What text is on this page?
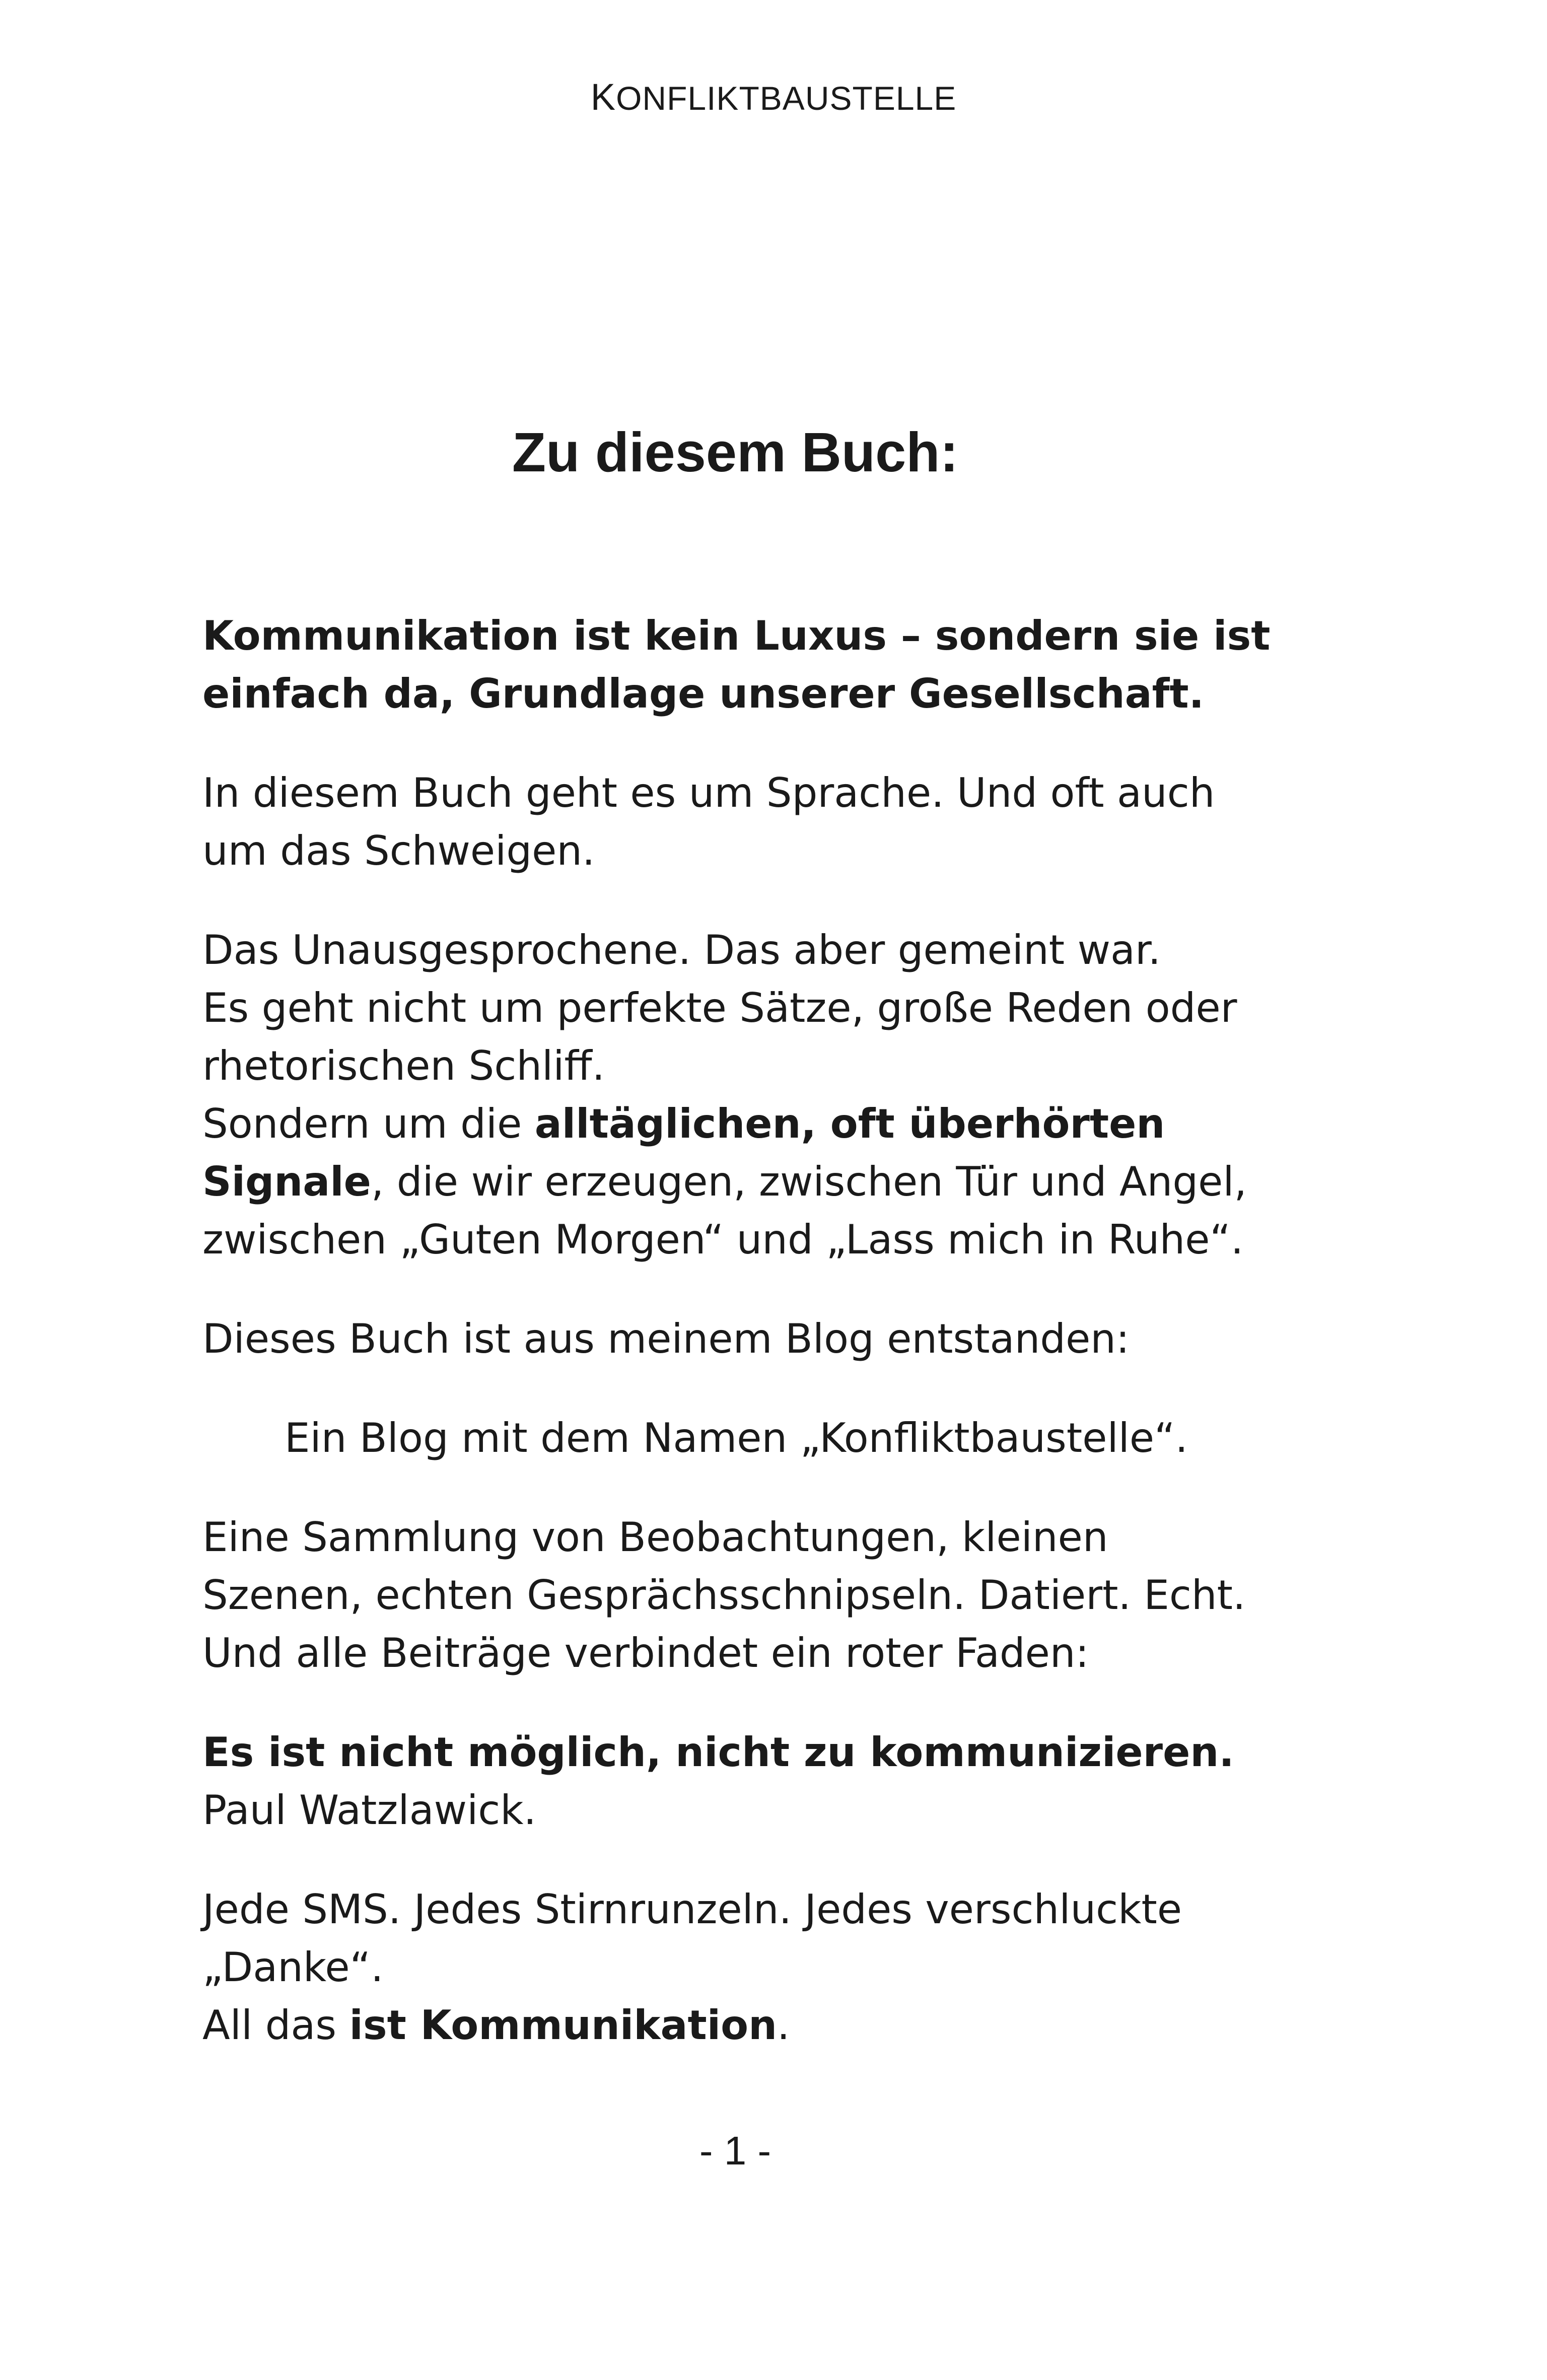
KONFLIKTBAUSTELLE
Zu diesem Buch:

Kommunikation ist kein Luxus – sondern sie ist
einfach da, Grundlage unserer Gesellschaft.

In diesem Buch geht es um Sprache. Und oft auch
um das Schweigen.

Das Unausgesprochene. Das aber gemeint war.
Es geht nicht um perfekte Sätze, große Reden oder
rhetorischen Schliff.
Sondern um die alltäglichen, oft überhörten
Signale, die wir erzeugen, zwischen Tür und Angel,
zwischen „Guten Morgen“ und „Lass mich in Ruhe“.

Dieses Buch ist aus meinem Blog entstanden:

Ein Blog mit dem Namen „Konfliktbaustelle“.

Eine Sammlung von Beobachtungen, kleinen
Szenen, echten Gesprächsschnipseln. Datiert. Echt.
Und alle Beiträge verbindet ein roter Faden:

Es ist nicht möglich, nicht zu kommunizieren.
Paul Watzlawick.

Jede SMS. Jedes Stirnrunzeln. Jedes verschluckte
„Danke“.
All das ist Kommunikation.

- 1 -
